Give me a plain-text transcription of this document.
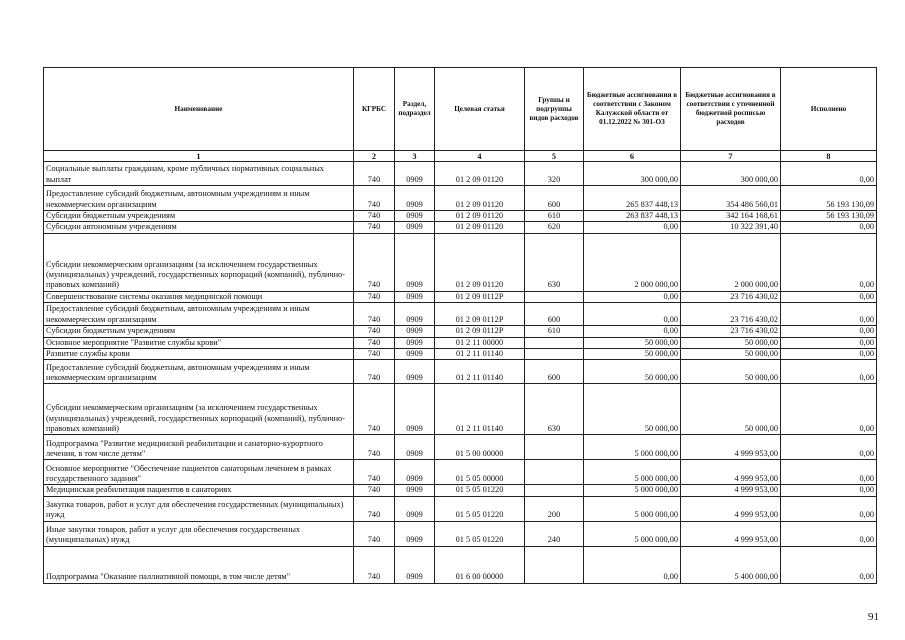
Наименование	КГРБС	Раздел, подраздел	Целевая статья	Группы и подгруппы видов расходов	Бюджетные ассигнования в соответствии с Законом Калужской области от 01.12.2022 № 301-ОЗ	Бюджетные ассигнования в соответствии с уточненной бюджетной росписью расходов	Исполнено
1	2	3	4	5	6	7	8
Социальные выплаты гражданам, кроме публичных нормативных социальных выплат	740	0909	01 2 09 01120	320	300 000,00	300 000,00	0,00
Предоставление субсидий бюджетным, автономным учреждениям и иным некоммерческим организациям	740	0909	01 2 09 01120	600	265 837 448,13	354 486 560,01	56 193 130,09
Субсидии бюджетным учреждениям	740	0909	01 2 09 01120	610	263 837 448,13	342 164 168,61	56 193 130,09
Субсидии автономным учреждениям	740	0909	01 2 09 01120	620	0,00	10 322 391,40	0,00
Субсидии некоммерческим организациям (за исключением государственных (муниципальных) учреждений, государственных корпораций (компаний), публично-правовых компаний)	740	0909	01 2 09 01120	630	2 000 000,00	2 000 000,00	0,00
Совершенствование системы оказания медицинской помощи	740	0909	01 2 09 0112Р		0,00	23 716 430,02	0,00
Предоставление субсидий бюджетным, автономным учреждениям и иным некоммерческим организациям	740	0909	01 2 09 0112Р	600	0,00	23 716 430,02	0,00
Субсидии бюджетным учреждениям	740	0909	01 2 09 0112Р	610	0,00	23 716 430,02	0,00
Основное мероприятие "Развитие службы крови"	740	0909	01 2 11 00000		50 000,00	50 000,00	0,00
Развитие службы крови	740	0909	01 2 11 01140		50 000,00	50 000,00	0,00
Предоставление субсидий бюджетным, автономным учреждениям и иным некоммерческим организациям	740	0909	01 2 11 01140	600	50 000,00	50 000,00	0,00
Субсидии некоммерческим организациям (за исключением государственных (муниципальных) учреждений, государственных корпораций (компаний), публично-правовых компаний)	740	0909	01 2 11 01140	630	50 000,00	50 000,00	0,00
Подпрограмма "Развитие медицинской реабилитации и санаторно-курортного лечения, в том числе детям"	740	0909	01 5 00 00000		5 000 000,00	4 999 953,00	0,00
Основное мероприятие "Обеспечение пациентов санаторным лечением в рамках государственного задания"	740	0909	01 5 05 00000		5 000 000,00	4 999 953,00	0,00
Медицинская реабилитация пациентов в санаториях	740	0909	01 5 05 01220		5 000 000,00	4 999 953,00	0,00
Закупка товаров, работ и услуг для обеспечения государственных (муниципальных) нужд	740	0909	01 5 05 01220	200	5 000 000,00	4 999 953,00	0,00
Иные закупки товаров, работ и услуг для обеспечения государственных (муниципальных) нужд	740	0909	01 5 05 01220	240	5 000 000,00	4 999 953,00	0,00
Подпрограмма "Оказание паллиативной помощи, в том числе детям"	740	0909	01 6 00 00000		0,00	5 400 000,00	0,00
91
